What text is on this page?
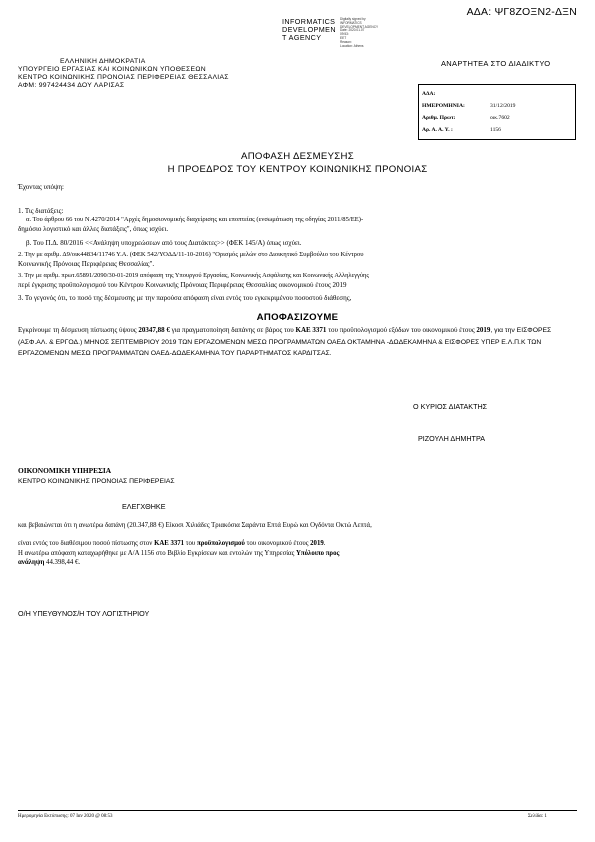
ΑΔΑ: ΨΓ8ΖΟΞΝ2-ΔΞΝ
INFORMATICS
DEVELOPMEN
T AGENCY
Digitally signed by
INFORMATICS
DEVELOPMENT AGENCY
Date: 2020.01.07
09:53:
EET
Reason:
Location: Athens
ΕΛΛΗΝΙΚΗ ΔΗΜΟΚΡΑΤΙΑ
ΥΠΟΥΡΓΕΙΟ ΕΡΓΑΣΙΑΣ ΚΑΙ ΚΟΙΝΩΝΙΚΩΝ ΥΠΟΘΕΣΕΩΝ
ΚΕΝΤΡΟ ΚΟΙΝΩΝΙΚΗΣ ΠΡΟΝΟΙΑΣ ΠΕΡΙΦΕΡΕΙΑΣ ΘΕΣΣΑΛΙΑΣ
ΑΦΜ: 997424434 ΔΟΥ ΛΑΡΙΣΑΣ
ΑΝΑΡΤΗΤΕΑ ΣΤΟ ΔΙΑΔΙΚΤΥΟ
ΑΔΑ:
ΗΜΕΡΟΜΗΝΙΑ:	31/12/2019
Αριθμ. Πρωτ:	οικ.7602
Αρ. Α. Α. Υ. :	1156
ΑΠΟΦΑΣΗ ΔΕΣΜΕΥΣΗΣ
Η ΠΡΟΕΔΡΟΣ ΤΟΥ ΚΕΝΤΡΟΥ ΚΟΙΝΩΝΙΚΗΣ ΠΡΟΝΟΙΑΣ
Έχοντας υπόψη:
1. Τις διατάξεις:
α. Του άρθρου 66 του Ν.4270/2014 "Αρχές δημοσιονομικής διαχείρισης και εποπτείας (ενσωμάτωση της οδηγίας 2011/85/ΕΕ)-
δημόσιο λογιστικό και άλλες διατάξεις", όπως ισχύει.
β. Του Π.Δ. 80/2016 <<Ανάληψη υποχρεώσεων από τους Διατάκτες>> (ΦΕΚ 145/Α) όπως ισχύει.
2. Την με αριθμ. Δ9/οικ44834/11746 Υ.Α. (ΦΕΚ 542/ΥΟΔΔ/11-10-2016) "Ορισμός μελών στο Διοικητικό Συμβούλιο του Κέντρου
Κοινωνικής Πρόνοιας Περιφέρειας Θεσσαλίας".
3. Την με αριθμ. πρωτ.65891/2090/30-01-2019 απόφαση της Υπουργού Εργασίας, Κοινωνικής Ασφάλισης και Κοινωνικής Αλληλεγγύης
περί έγκρισης προϋπολογισμού του Κέντρου Κοινωνικής Πρόνοιας Περιφέρειας Θεσσαλίας οικονομικού έτους 2019
3. Το γεγονός ότι, το ποσό της δέσμευσης με την παρούσα απόφαση είναι εντός του εγκεκριμένου ποσοστού διάθεσης,
ΑΠΟΦΑΣΙΖΟΥΜΕ
Εγκρίνουμε τη δέσμευση πίστωσης ύψους 20347,88 € για πραγματοποίηση δαπάνης σε βάρος του ΚΑΕ 3371 του προϋπολογισμού εξόδων του οικονομικού έτους 2019, για την ΕΙΣΦΟΡΕΣ (ΑΣΦ.ΑΛ. & ΕΡΓΟΔ.) ΜΗΝΟΣ ΣΕΠΤΕΜΒΡΙΟΥ 2019 ΤΩΝ ΕΡΓΑΖΟΜΕΝΩΝ ΜΕΣΩ ΠΡΟΓΡΑΜΜΑΤΩΝ ΟΑΕΔ ΟΚΤΑΜΗΝΑ -ΔΩΔΕΚΑΜΗΝΑ & ΕΙΣΦΟΡΕΣ ΥΠΕΡ Ε.Λ.Π.Κ ΤΩΝ ΕΡΓΑΖΟΜΕΝΩΝ ΜΕΣΩ ΠΡΟΓΡΑΜΜΑΤΩΝ ΟΑΕΔ-ΔΩΔΕΚΑΜΗΝΑ ΤΟΥ ΠΑΡΑΡΤΗΜΑΤΟΣ ΚΑΡΔΙΤΣΑΣ.
Ο ΚΥΡΙΟΣ ΔΙΑΤΑΚΤΗΣ
ΡΙΖΟΥΛΗ ΔΗΜΗΤΡΑ
ΟΙΚΟΝΟΜΙΚΗ ΥΠΗΡΕΣΙΑ
ΚΕΝΤΡΟ ΚΟΙΝΩΝΙΚΗΣ ΠΡΟΝΟΙΑΣ ΠΕΡΙΦΕΡΕΙΑΣ
ΕΛΕΓΧΘΗΚΕ
και βεβαιώνεται ότι η ανωτέρω δαπάνη (20.347,88 €) Είκοσι Χιλιάδες Τριακόσια Σαράντα Επτά Ευρώ και Ογδόντα Οκτώ Λεπτά,
είναι εντός του διαθέσιμου ποσού πίστωσης στον ΚΑΕ 3371 του προϋπολογισμού του οικονομικού έτους 2019.
Η ανωτέρω απόφαση καταχωρήθηκε με Α/Α 1156 στο Βιβλίο Εγκρίσεων και εντολών της Υπηρεσίας Υπόλοιπο προς
ανάληψη 44.398,44 €.
Ο/Η ΥΠΕΥΘΥΝΟΣ/Η ΤΟΥ ΛΟΓΙΣΤΗΡΙΟΥ
Ημερομηνία Εκτύπωσης: 07 Ιαν 2020 @ 08:53	Σελίδα: 1
